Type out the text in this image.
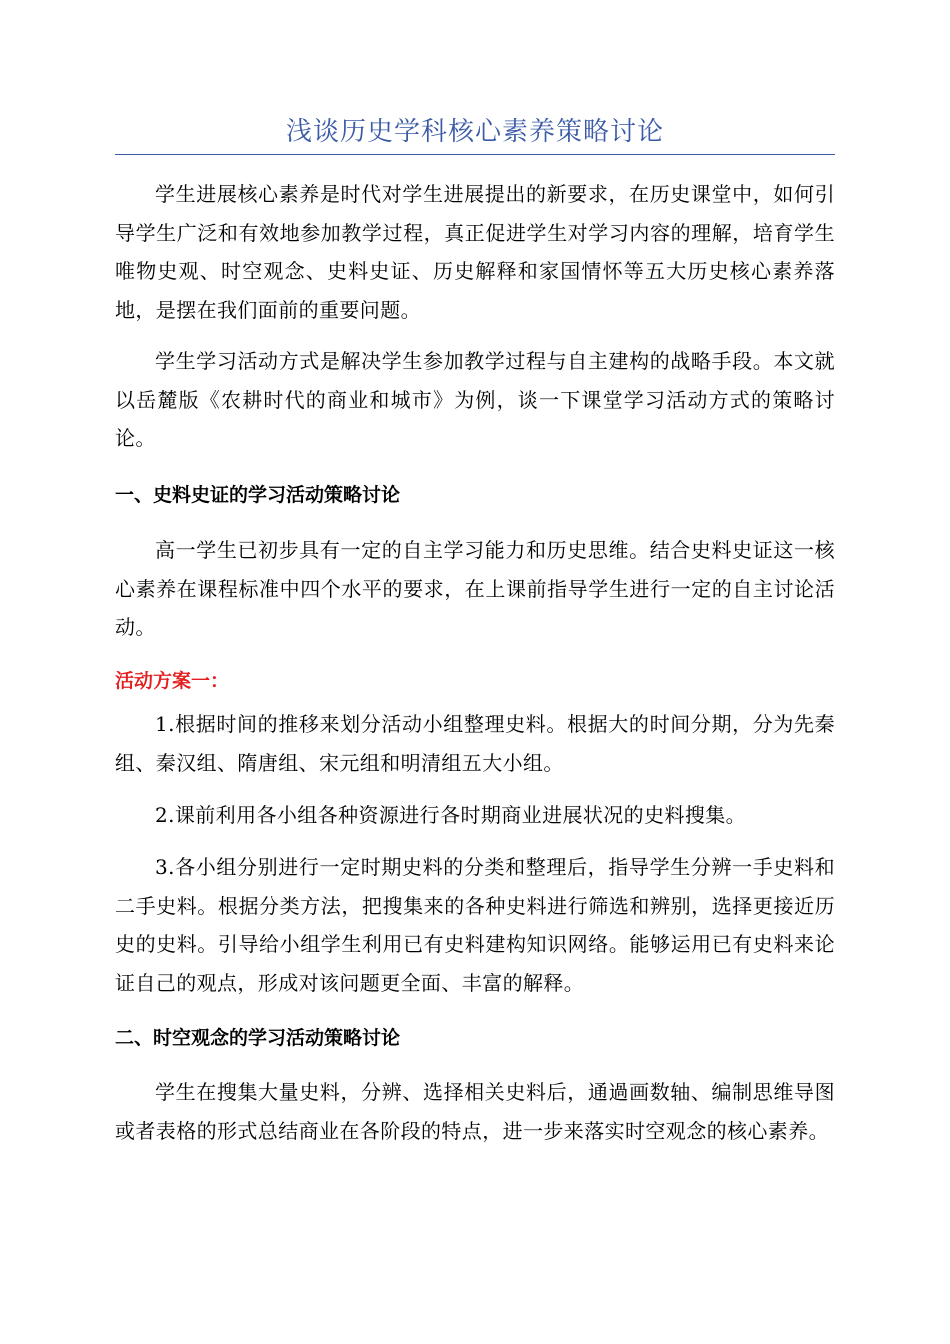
浅谈历史学科核心素养策略讨论

学生进展核心素养是时代对学生进展提出的新要求，在历史课堂中，如何引导学生广泛和有效地参加教学过程，真正促进学生对学习内容的理解，培育学生唯物史观、时空观念、史料史证、历史解释和家国情怀等五大历史核心素养落地，是摆在我们面前的重要问题。

学生学习活动方式是解决学生参加教学过程与自主建构的战略手段。本文就以岳麓版《农耕时代的商业和城市》为例，谈一下课堂学习活动方式的策略讨论。

一、史料史证的学习活动策略讨论

高一学生已初步具有一定的自主学习能力和历史思维。结合史料史证这一核心素养在课程标准中四个水平的要求，在上课前指导学生进行一定的自主讨论活动。

活动方案一：

1.根据时间的推移来划分活动小组整理史料。根据大的时间分期，分为先秦组、秦汉组、隋唐组、宋元组和明清组五大小组。

2.课前利用各小组各种资源进行各时期商业进展状况的史料搜集。

3.各小组分别进行一定时期史料的分类和整理后，指导学生分辨一手史料和二手史料。根据分类方法，把搜集来的各种史料进行筛选和辨别，选择更接近历史的史料。引导给小组学生利用已有史料建构知识网络。能够运用已有史料来论证自己的观点，形成对该问题更全面、丰富的解释。

二、时空观念的学习活动策略讨论

学生在搜集大量史料，分辨、选择相关史料后，通過画数轴、编制思维导图或者表格的形式总结商业在各阶段的特点，进一步来落实时空观念的核心素养。
